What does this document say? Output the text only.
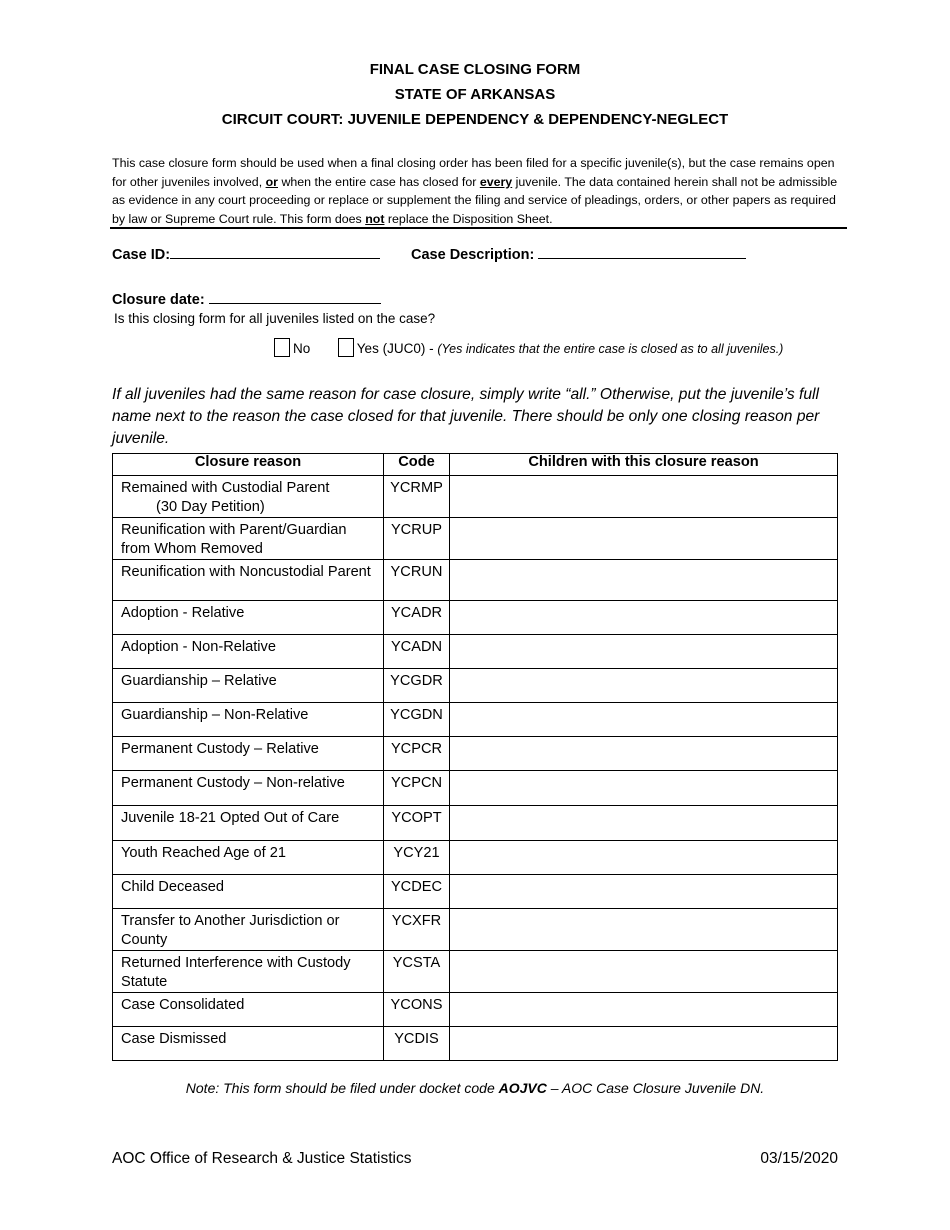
FINAL CASE CLOSING FORM
STATE OF ARKANSAS
CIRCUIT COURT: JUVENILE DEPENDENCY & DEPENDENCY-NEGLECT
This case closure form should be used when a final closing order has been filed for a specific juvenile(s), but the case remains open for other juveniles involved, or when the entire case has closed for every juvenile. The data contained herein shall not be admissible as evidence in any court proceeding or replace or supplement the filing and service of pleadings, orders, or other papers as required by law or Supreme Court rule. This form does not replace the Disposition Sheet.
Case ID:	Case Description:
Closure date:
Is this closing form for all juveniles listed on the case?
No	Yes (JUC0) - (Yes indicates that the entire case is closed as to all juveniles.)
If all juveniles had the same reason for case closure, simply write “all.” Otherwise, put the juvenile’s full name next to the reason the case closed for that juvenile. There should be only one closing reason per juvenile.
Closure reason	Code	Children with this closure reason

Remained with Custodial Parent
(30 Day Petition)	YCRMP	
Reunification with Parent/Guardian from Whom Removed	YCRUP	
Reunification with Noncustodial Parent	YCRUN	
Adoption - Relative	YCADR	
Adoption - Non-Relative	YCADN	
Guardianship – Relative	YCGDR	
Guardianship – Non-Relative	YCGDN	
Permanent Custody – Relative	YCPCR	
Permanent Custody – Non-relative	YCPCN	
Juvenile 18-21 Opted Out of Care	YCOPT	
Youth Reached Age of 21	YCY21	
Child Deceased	YCDEC	
Transfer to Another Jurisdiction or County	YCXFR	
Returned Interference with Custody Statute	YCSTA	
Case Consolidated	YCONS	
Case Dismissed	YCDIS	
Note: This form should be filed under docket code AOJVC – AOC Case Closure Juvenile DN.
AOC Office of Research & Justice Statistics	03/15/2020
